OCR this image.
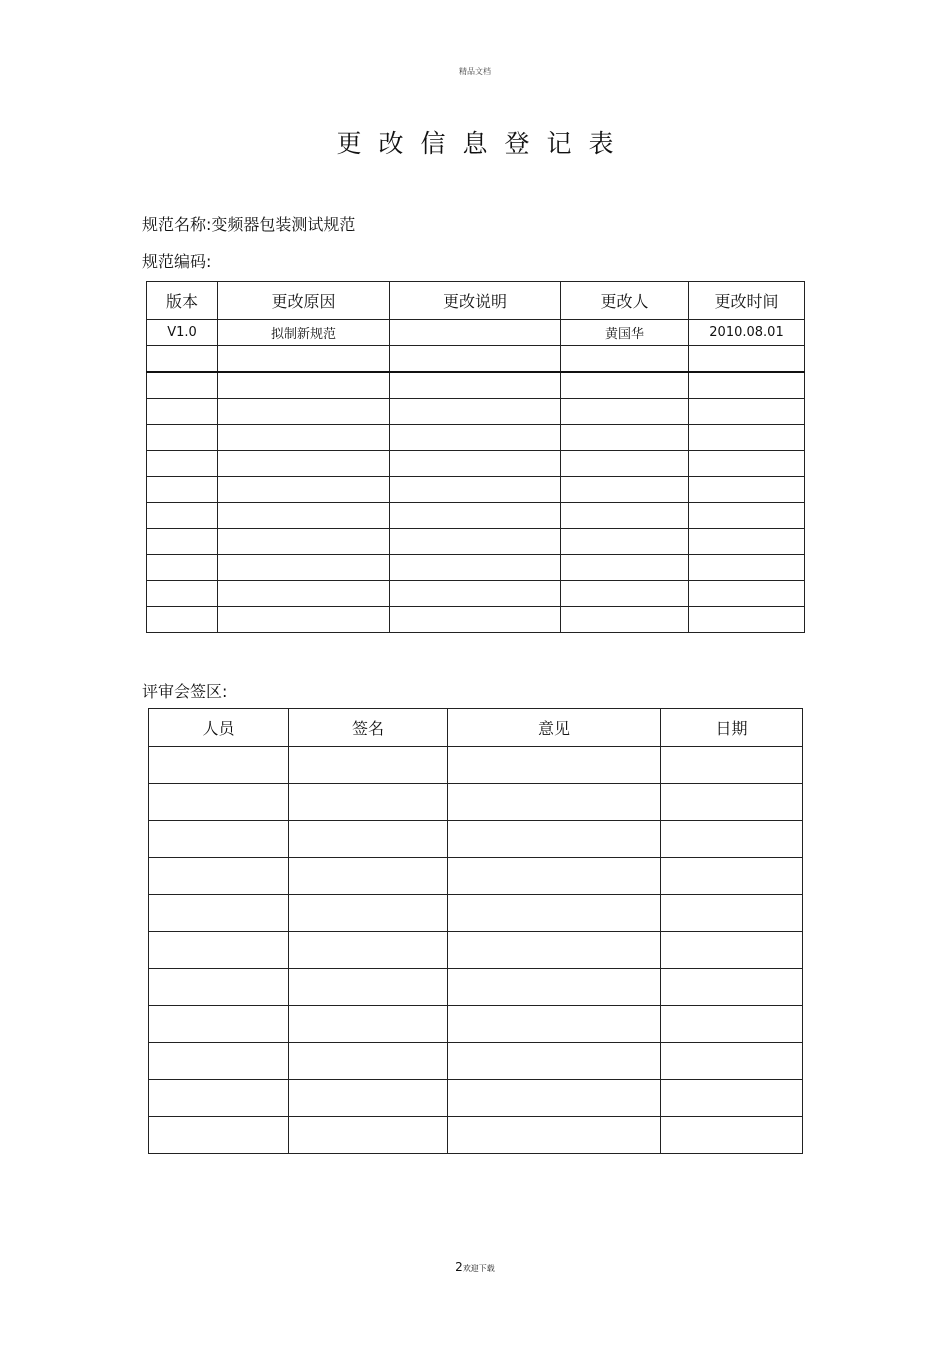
精品文档
更改信息登记表
规范名称:变频器包装测试规范
规范编码:
版本	更改原因	更改说明	更改人	更改时间
V1.0	拟制新规范		黄国华	2010.08.01

评审会签区:
人员	签名	意见	日期

2欢迎下载
